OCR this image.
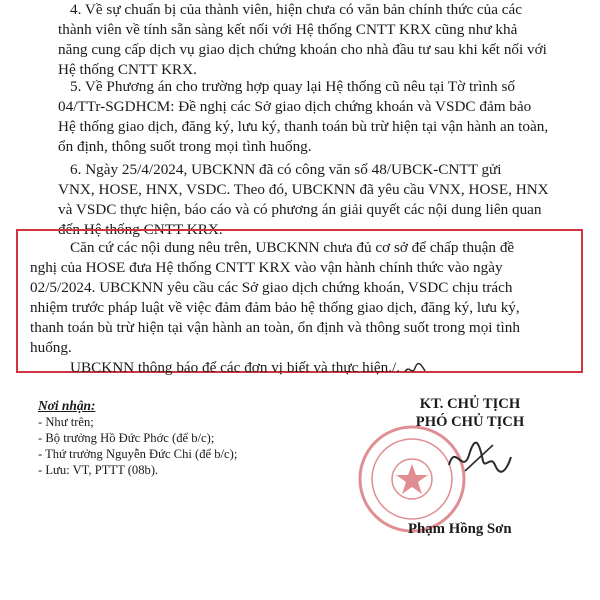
4. Về sự chuẩn bị của thành viên, hiện chưa có văn bản chính thức của các
thành viên về tính sẵn sàng kết nối với Hệ thống CNTT KRX cũng như khả
năng cung cấp dịch vụ giao dịch chứng khoán cho nhà đầu tư sau khi kết nối với
Hệ thống CNTT KRX.
5. Về Phương án cho trường hợp quay lại Hệ thống cũ nêu tại Tờ trình số
04/TTr-SGDHCM: Đề nghị các Sở giao dịch chứng khoán và VSDC đảm bảo
Hệ thống giao dịch, đăng ký, lưu ký, thanh toán bù trừ hiện tại vận hành an toàn,
ổn định, thông suốt trong mọi tình huống.
6. Ngày 25/4/2024, UBCKNN đã có công văn số 48/UBCK-CNTT gửi
VNX, HOSE, HNX, VSDC. Theo đó, UBCKNN đã yêu cầu VNX, HOSE, HNX
và VSDC thực hiện, báo cáo và có phương án giải quyết các nội dung liên quan
đến Hệ thống CNTT KRX.
Căn cứ các nội dung nêu trên, UBCKNN chưa đủ cơ sở để chấp thuận đề
nghị của HOSE đưa Hệ thống CNTT KRX vào vận hành chính thức vào ngày
02/5/2024. UBCKNN yêu cầu các Sở giao dịch chứng khoán, VSDC chịu trách
nhiệm trước pháp luật về việc đảm đảm bảo hệ thống giao dịch, đăng ký, lưu ký,
thanh toán bù trừ hiện tại vận hành an toàn, ổn định và thông suốt trong mọi tình
huống.
UBCKNN thông báo để các đơn vị biết và thực hiện./.
Nơi nhận:
- Như trên;
- Bộ trưởng Hồ Đức Phớc (để b/c);
- Thứ trưởng Nguyễn Đức Chi (để b/c);
- Lưu: VT, PTTT (08b).
KT. CHỦ TỊCH
PHÓ CHỦ TỊCH
Phạm Hồng Sơn
